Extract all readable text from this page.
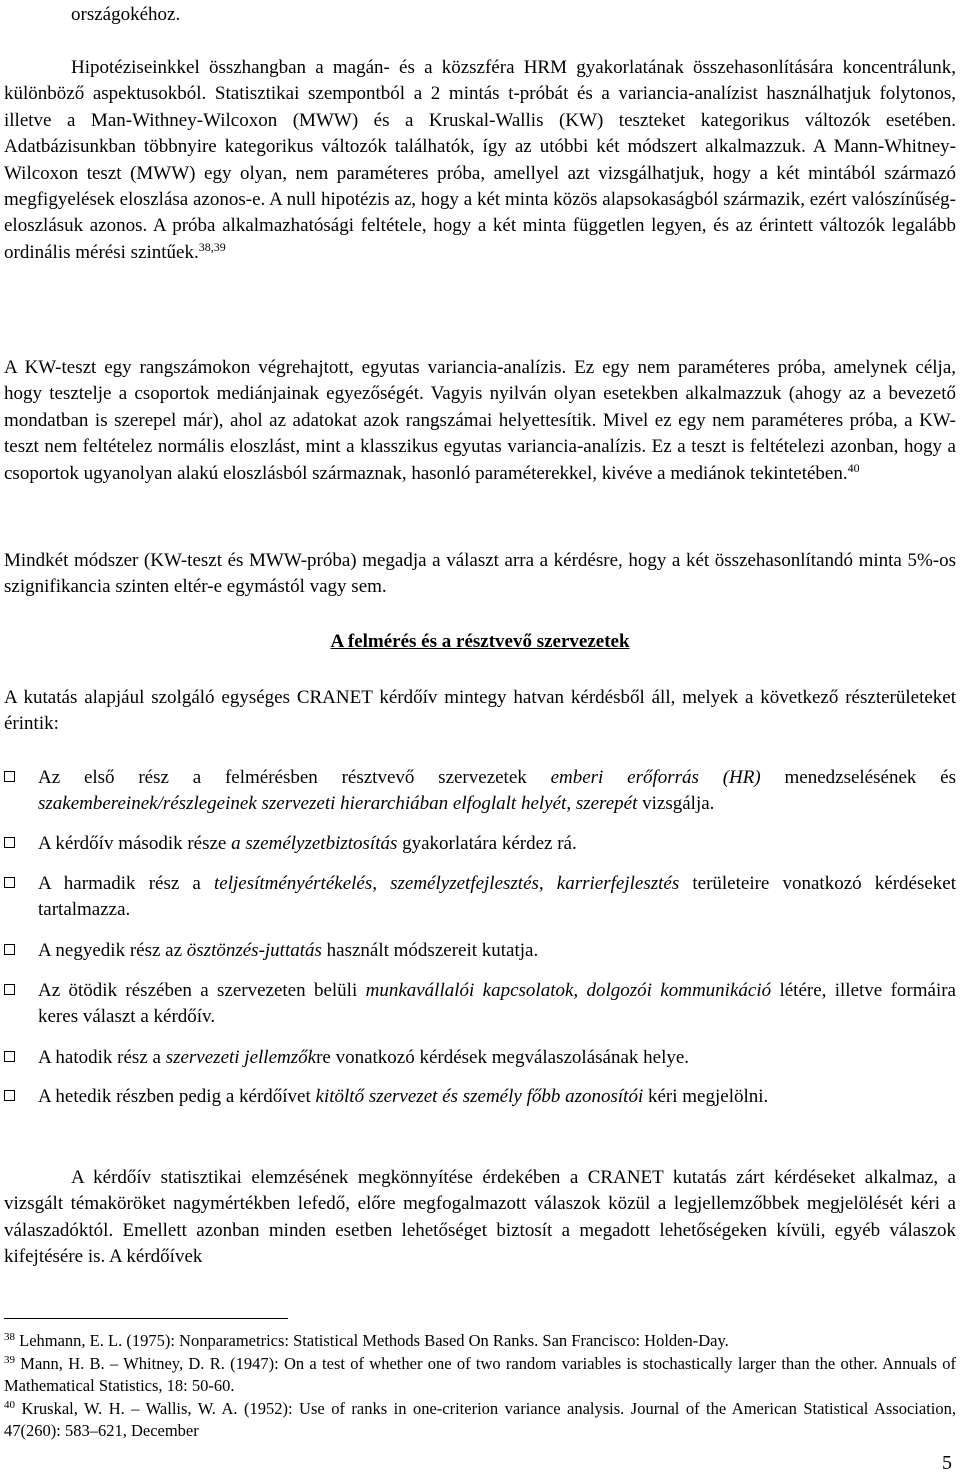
országokéhoz.

Hipotéziseinkkel összhangban a magán- és a közszféra HRM gyakorlatának összehasonlítására koncentrálunk, különböző aspektusokból. Statisztikai szempontból a 2 mintás t-próbát és a variancia-analízist használhatjuk folytonos, illetve a Man-Withney-Wilcoxon (MWW) és a Kruskal-Wallis (KW) teszteket kategorikus változók esetében. Adatbázisunkban többnyire kategorikus változók találhatók, így az utóbbi két módszert alkalmazzuk. A Mann-Whitney-Wilcoxon teszt (MWW) egy olyan, nem paraméteres próba, amellyel azt vizsgálhatjuk, hogy a két mintából származó megfigyelések eloszlása azonos-e. A null hipotézis az, hogy a két minta közös alapsokaságból származik, ezért valószínűség-eloszlásuk azonos. A próba alkalmazhatósági feltétele, hogy a két minta független legyen, és az érintett változók legalább ordinális mérési szintűek.$^{38,39}$

A KW-teszt egy rangszámokon végrehajtott, egyutas variancia-analízis. Ez egy nem paraméteres próba, amelynek célja, hogy tesztelje a csoportok mediánjainak egyezőségét. Vagyis nyilván olyan esetekben alkalmazzuk (ahogy az a bevezető mondatban is szerepel már), ahol az adatokat azok rangszámai helyettesítik. Mivel ez egy nem paraméteres próba, a KW-teszt nem feltételez normális eloszlást, mint a klasszikus egyutas variancia-analízis. Ez a teszt is feltételezi azonban, hogy a csoportok ugyanolyan alakú eloszlásból származnak, hasonló paraméterekkel, kivéve a mediánok tekintetében.$^{40}$

Mindkét módszer (KW-teszt és MWW-próba) megadja a választ arra a kérdésre, hogy a két összehasonlítandó minta 5%-os szignifikancia szinten eltér-e egymástól vagy sem.

A felmérés és a résztvevő szervezetek

A kutatás alapjául szolgáló egységes CRANET kérdőív mintegy hatvan kérdésből áll, melyek a következő részterületeket érintik:

Az első rész a felmérésben résztvevő szervezetek emberi erőforrás (HR) menedzselésének és szakembereinek/részlegeinek szervezeti hierarchiában elfoglalt helyét, szerepét vizsgálja.
A kérdőív második része a személyzetbiztosítás gyakorlatára kérdez rá.
A harmadik rész a teljesítményértékelés, személyzetfejlesztés, karrierfejlesztés területeire vonatkozó kérdéseket tartalmazza.
A negyedik rész az ösztönzés-juttatás használt módszereit kutatja.
Az ötödik részében a szervezeten belüli munkavállalói kapcsolatok, dolgozói kommunikáció létére, illetve formáira keres választ a kérdőív.
A hatodik rész a szervezeti jellemzőkre vonatkozó kérdések megválaszolásának helye.
A hetedik részben pedig a kérdőívet kitöltő szervezet és személy főbb azonosítói kéri megjelölni.

A kérdőív statisztikai elemzésének megkönnyítése érdekében a CRANET kutatás zárt kérdéseket alkalmaz, a vizsgált témaköröket nagymértékben lefedő, előre megfogalmazott válaszok közül a legjellemzőbbek megjelölését kéri a válaszadóktól. Emellett azonban minden esetben lehetőséget biztosít a megadott lehetőségeken kívüli, egyéb válaszok kifejtésére is. A kérdőívek

$^{38}$ Lehmann, E. L. (1975): Nonparametrics: Statistical Methods Based On Ranks. San Francisco: Holden-Day.
$^{39}$ Mann, H. B. – Whitney, D. R. (1947): On a test of whether one of two random variables is stochastically larger than the other. Annuals of Mathematical Statistics, 18: 50-60.
$^{40}$ Kruskal, W. H. – Wallis, W. A. (1952): Use of ranks in one-criterion variance analysis. Journal of the American Statistical Association, 47(260): 583–621, December
5
